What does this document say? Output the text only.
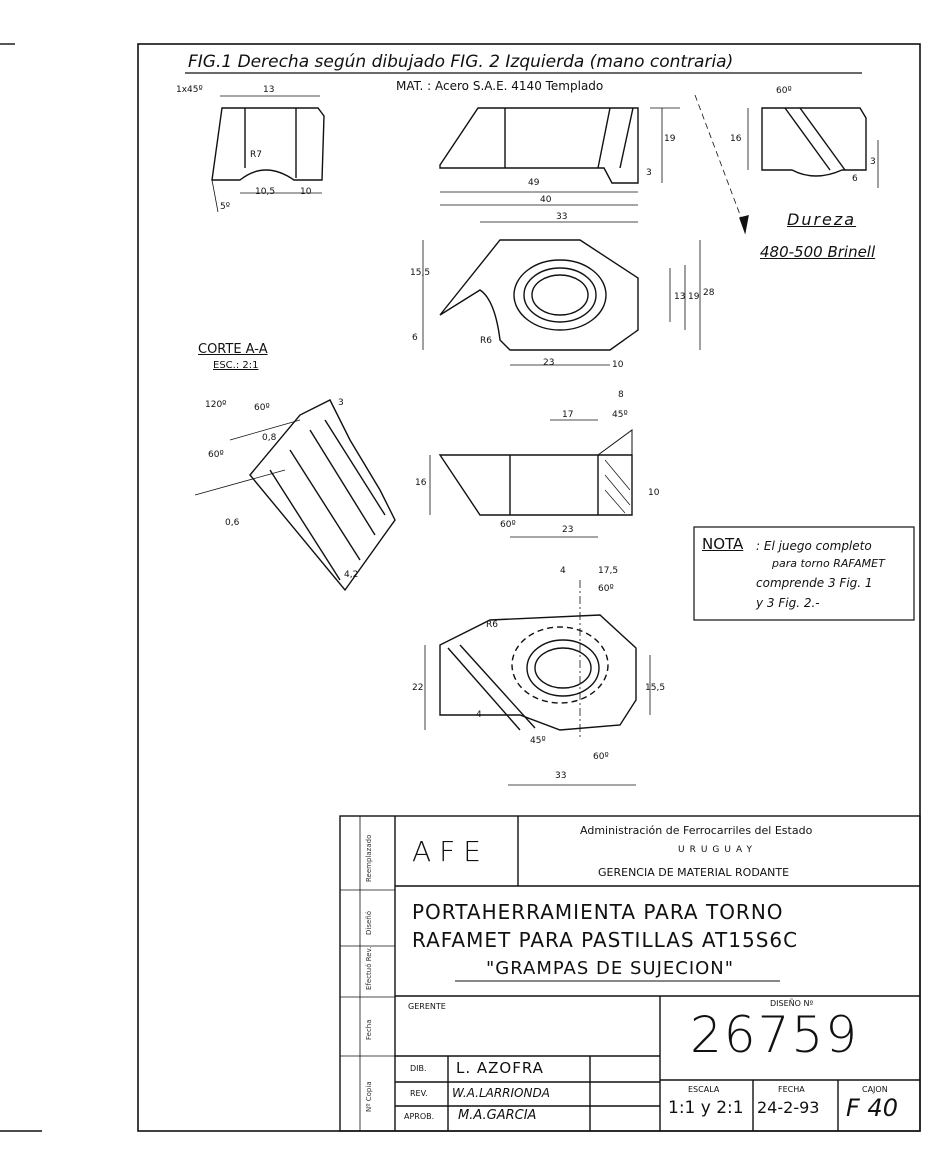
FIG.1 Derecha según dibujado FIG. 2 Izquierda (mano contraria)
MAT. : Acero S.A.E. 4140 Templado
Dureza
480-500 Brinell
CORTE A-A
ESC.: 2:1
NOTA : El juego completo
para torno RAFAMET
comprende 3 Fig. 1
y 3 Fig. 2.-
1x45º	13
R7
10,5	10
5º
19
3
49
40
33
15,5
6	R6
23	10
13 19 28
16
60º
3
6
120º	60º
60º
0,8
3
0,6
4,2
8
17	45º
16
10
60º	23
4	17,5
60º
R6
22	15,5
4
45º
60º
33
Reemplazado
Diseñó
Efectuó Rev.
Fecha
Nº Copia
AFE
Administración de Ferrocarriles del Estado
URUGUAY
GERENCIA DE MATERIAL RODANTE
PORTAHERRAMIENTA PARA TORNO
RAFAMET PARA PASTILLAS AT15S6C
"GRAMPAS DE SUJECION"
GERENTE	DISEÑO Nº
26759
DIB. L. AZOFRA
REV. W.A.LARRIONDA
APROB. M.A.GARCIA
ESCALA
1:1 y 2:1
FECHA
24-2-93
CAJON
F 40
